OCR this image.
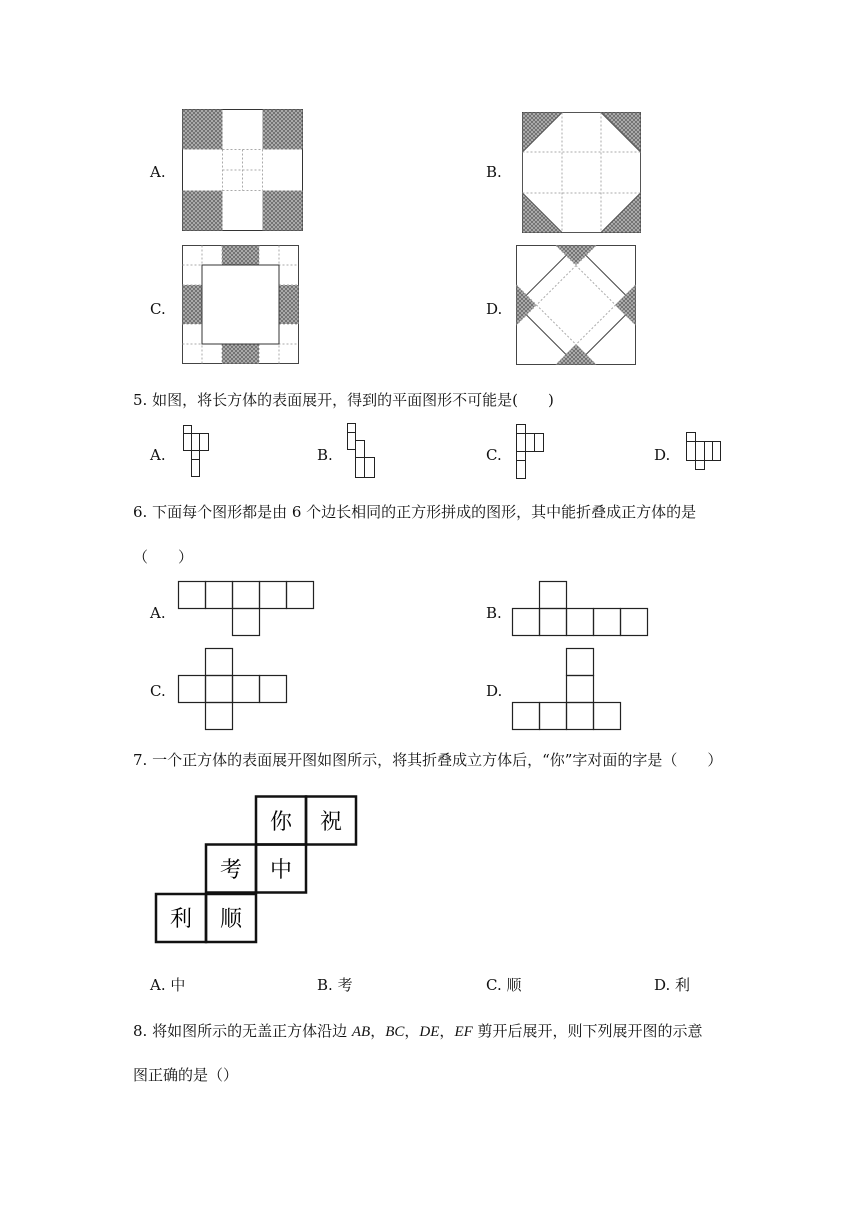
A.	B.
C.	D.
5. 如图，将长方体的表面展开，得到的平面图形不可能是(　　)
A.	B.	C.	D.
6. 下面每个图形都是由 6 个边长相同的正方形拼成的图形，其中能折叠成正方体的是
（　　）
A.	B.
C.	D.
7. 一个正方体的表面展开图如图所示，将其折叠成立方体后，“你”字对面的字是（　　）
你 祝
考 中
利 顺
A. 中	B. 考	C. 顺	D. 利
8. 将如图所示的无盖正方体沿边 AB，BC，DE，EF 剪开后展开，则下列展开图的示意
图正确的是（）
